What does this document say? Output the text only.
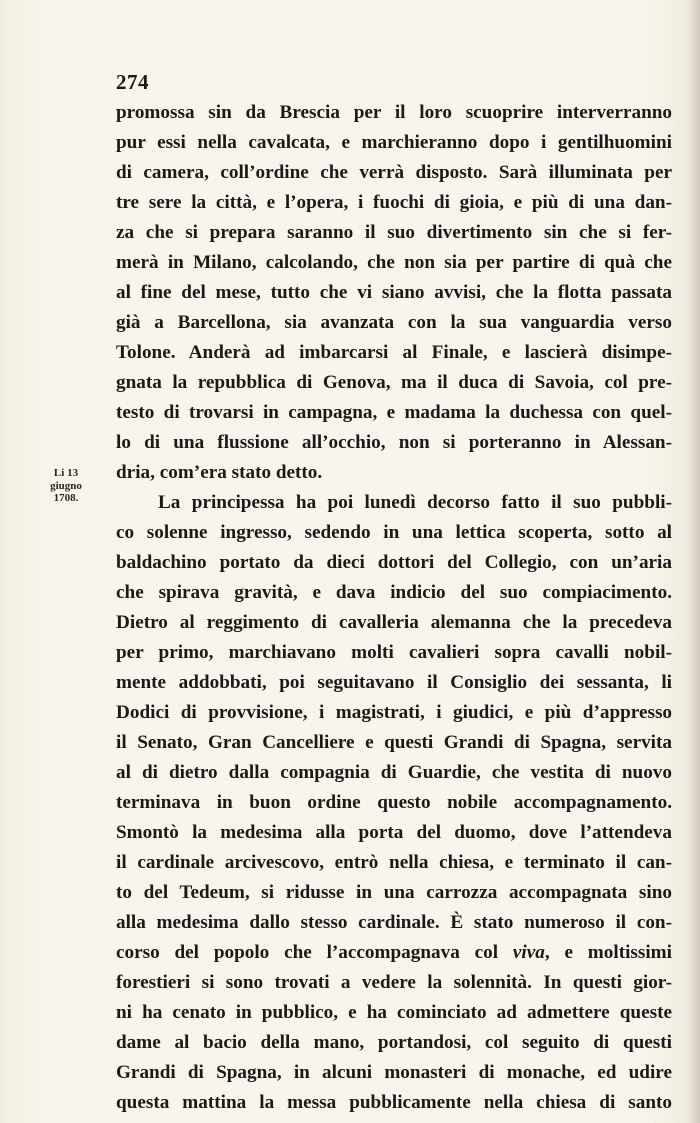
274
Li 13
giugno
1708.
promossa sin da Brescia per il loro scuoprire interverranno
pur essi nella cavalcata, e marchieranno dopo i gentilhuomini
di camera, coll’ordine che verrà disposto. Sarà illuminata per
tre sere la città, e l’opera, i fuochi di gioia, e più di una dan-
za che si prepara saranno il suo divertimento sin che si fer-
merà in Milano, calcolando, che non sia per partire di quà che
al fine del mese, tutto che vi siano avvisi, che la flotta passata
già a Barcellona, sia avanzata con la sua vanguardia verso
Tolone. Anderà ad imbarcarsi al Finale, e lascierà disimpe-
gnata la repubblica di Genova, ma il duca di Savoia, col pre-
testo di trovarsi in campagna, e madama la duchessa con quel-
lo di una flussione all’occhio, non si porteranno in Alessan-
dria, com’era stato detto.
La principessa ha poi lunedì decorso fatto il suo pubbli-
co solenne ingresso, sedendo in una lettica scoperta, sotto al
baldachino portato da dieci dottori del Collegio, con un’aria
che spirava gravità, e dava indicio del suo compiacimento.
Dietro al reggimento di cavalleria alemanna che la precedeva
per primo, marchiavano molti cavalieri sopra cavalli nobil-
mente addobbati, poi seguitavano il Consiglio dei sessanta, li
Dodici di provvisione, i magistrati, i giudici, e più d’appresso
il Senato, Gran Cancelliere e questi Grandi di Spagna, servita
al di dietro dalla compagnia di Guardie, che vestita di nuovo
terminava in buon ordine questo nobile accompagnamento.
Smontò la medesima alla porta del duomo, dove l’attendeva
il cardinale arcivescovo, entrò nella chiesa, e terminato il can-
to del Tedeum, si ridusse in una carrozza accompagnata sino
alla medesima dallo stesso cardinale. È stato numeroso il con-
corso del popolo che l’accompagnava col viva, e moltissimi
forestieri si sono trovati a vedere la solennità. In questi gior-
ni ha cenato in pubblico, e ha cominciato ad admettere queste
dame al bacio della mano, portandosi, col seguito di questi
Grandi di Spagna, in alcuni monasteri di monache, ed udire
questa mattina la messa pubblicamente nella chiesa di santo
